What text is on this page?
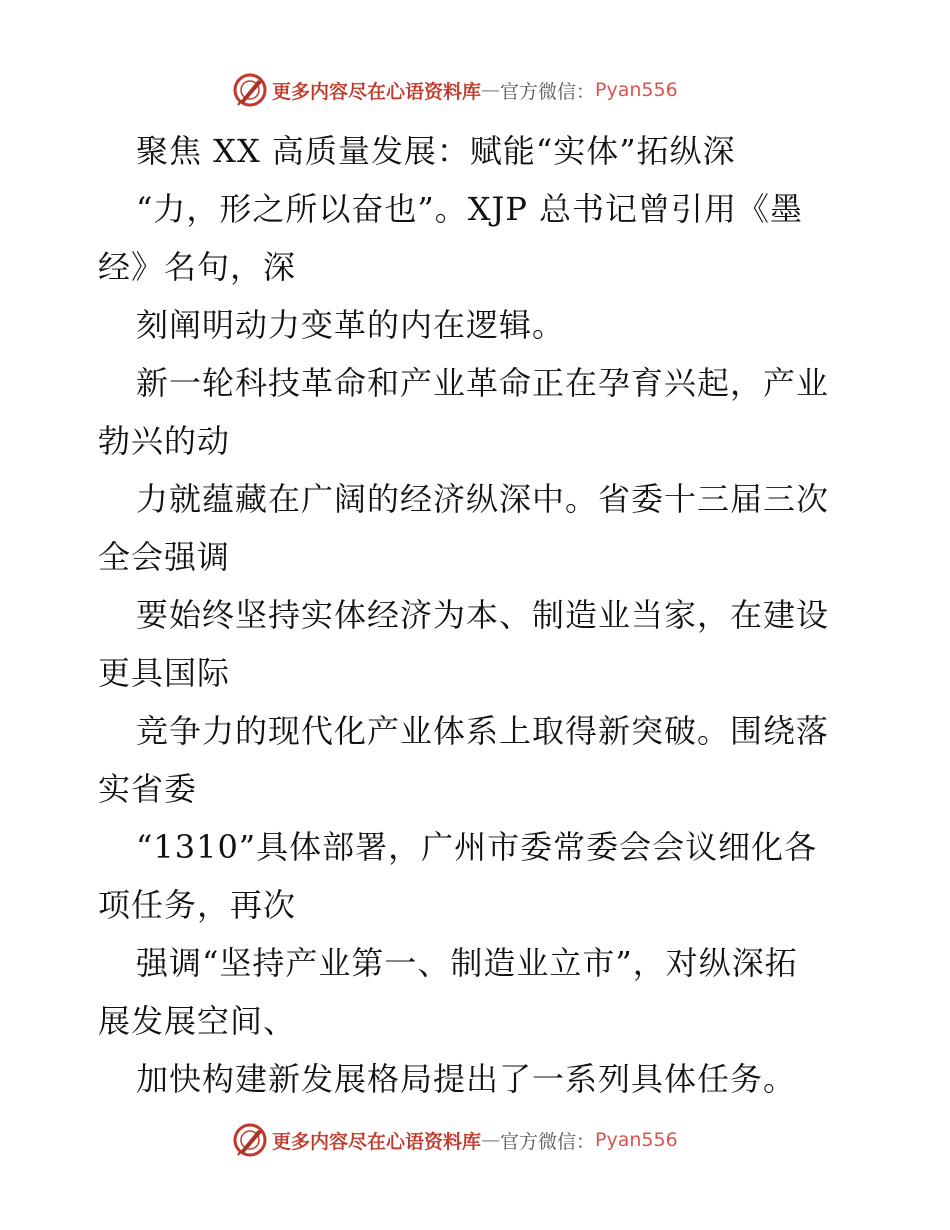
更多内容尽在心语资料库 — 官方微信： Pyan556

聚焦 XX 高质量发展：赋能“实体”拓纵深

“力，形之所以奋也”。XJP 总书记曾引用《墨

经》名句，深

刻阐明动力变革的内在逻辑。

新一轮科技革命和产业革命正在孕育兴起，产业

勃兴的动

力就蕴藏在广阔的经济纵深中。省委十三届三次

全会强调

要始终坚持实体经济为本、制造业当家，在建设

更具国际

竞争力的现代化产业体系上取得新突破。围绕落

实省委

“1310”具体部署，广州市委常委会会议细化各

项任务，再次

强调“坚持产业第一、制造业立市”，对纵深拓

展发展空间、

加快构建新发展格局提出了一系列具体任务。

更多内容尽在心语资料库 — 官方微信： Pyan556
